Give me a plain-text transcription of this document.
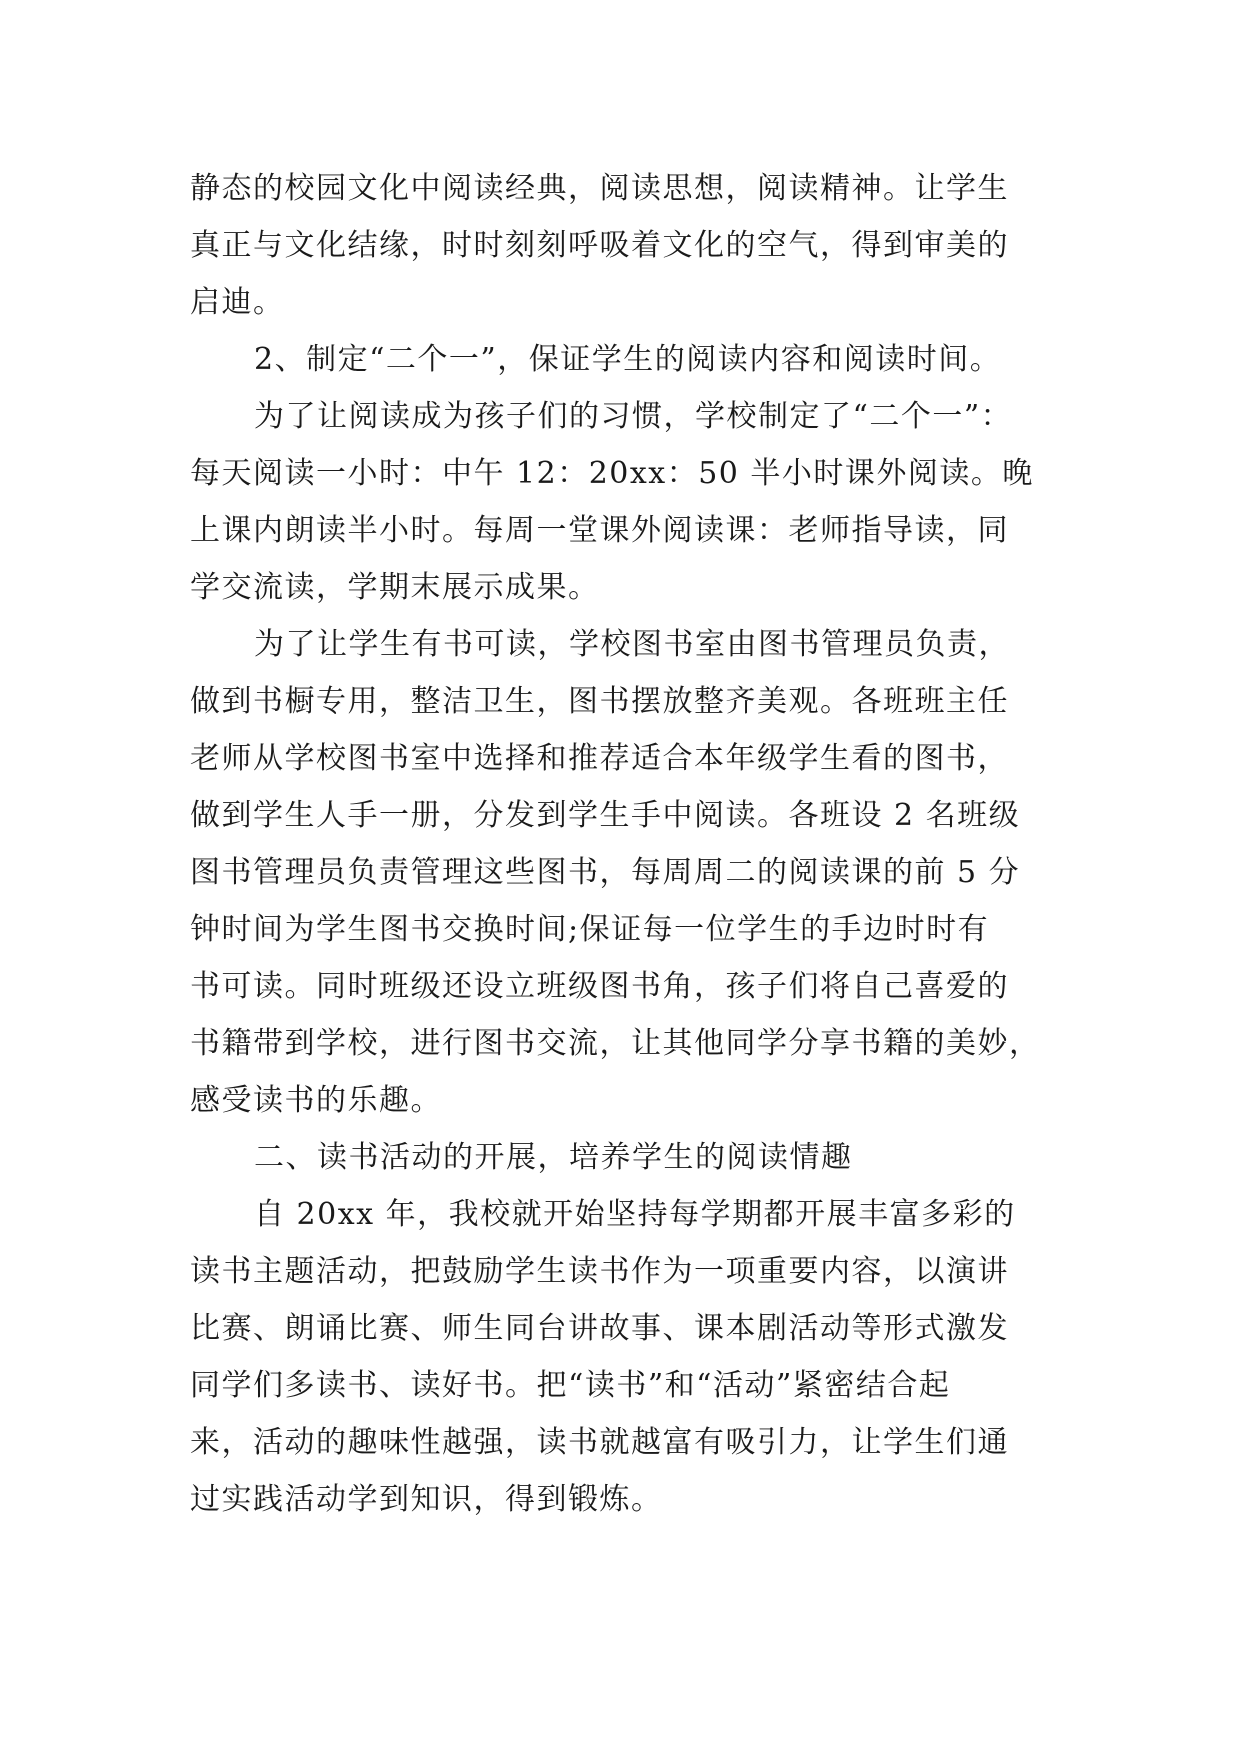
静态的校园文化中阅读经典，阅读思想，阅读精神。让学生
真正与文化结缘，时时刻刻呼吸着文化的空气，得到审美的
启迪。
2、制定“二个一”，保证学生的阅读内容和阅读时间。
为了让阅读成为孩子们的习惯，学校制定了“二个一”：
每天阅读一小时：中午 12：20xx：50 半小时课外阅读。晚
上课内朗读半小时。每周一堂课外阅读课：老师指导读，同
学交流读，学期末展示成果。
为了让学生有书可读，学校图书室由图书管理员负责，
做到书橱专用，整洁卫生，图书摆放整齐美观。各班班主任
老师从学校图书室中选择和推荐适合本年级学生看的图书，
做到学生人手一册，分发到学生手中阅读。各班设 2 名班级
图书管理员负责管理这些图书，每周周二的阅读课的前 5 分
钟时间为学生图书交换时间;保证每一位学生的手边时时有
书可读。同时班级还设立班级图书角，孩子们将自己喜爱的
书籍带到学校，进行图书交流，让其他同学分享书籍的美妙，
感受读书的乐趣。
二、读书活动的开展，培养学生的阅读情趣
自 20xx 年，我校就开始坚持每学期都开展丰富多彩的
读书主题活动，把鼓励学生读书作为一项重要内容，以演讲
比赛、朗诵比赛、师生同台讲故事、课本剧活动等形式激发
同学们多读书、读好书。把“读书”和“活动”紧密结合起
来，活动的趣味性越强，读书就越富有吸引力，让学生们通
过实践活动学到知识，得到锻炼。
